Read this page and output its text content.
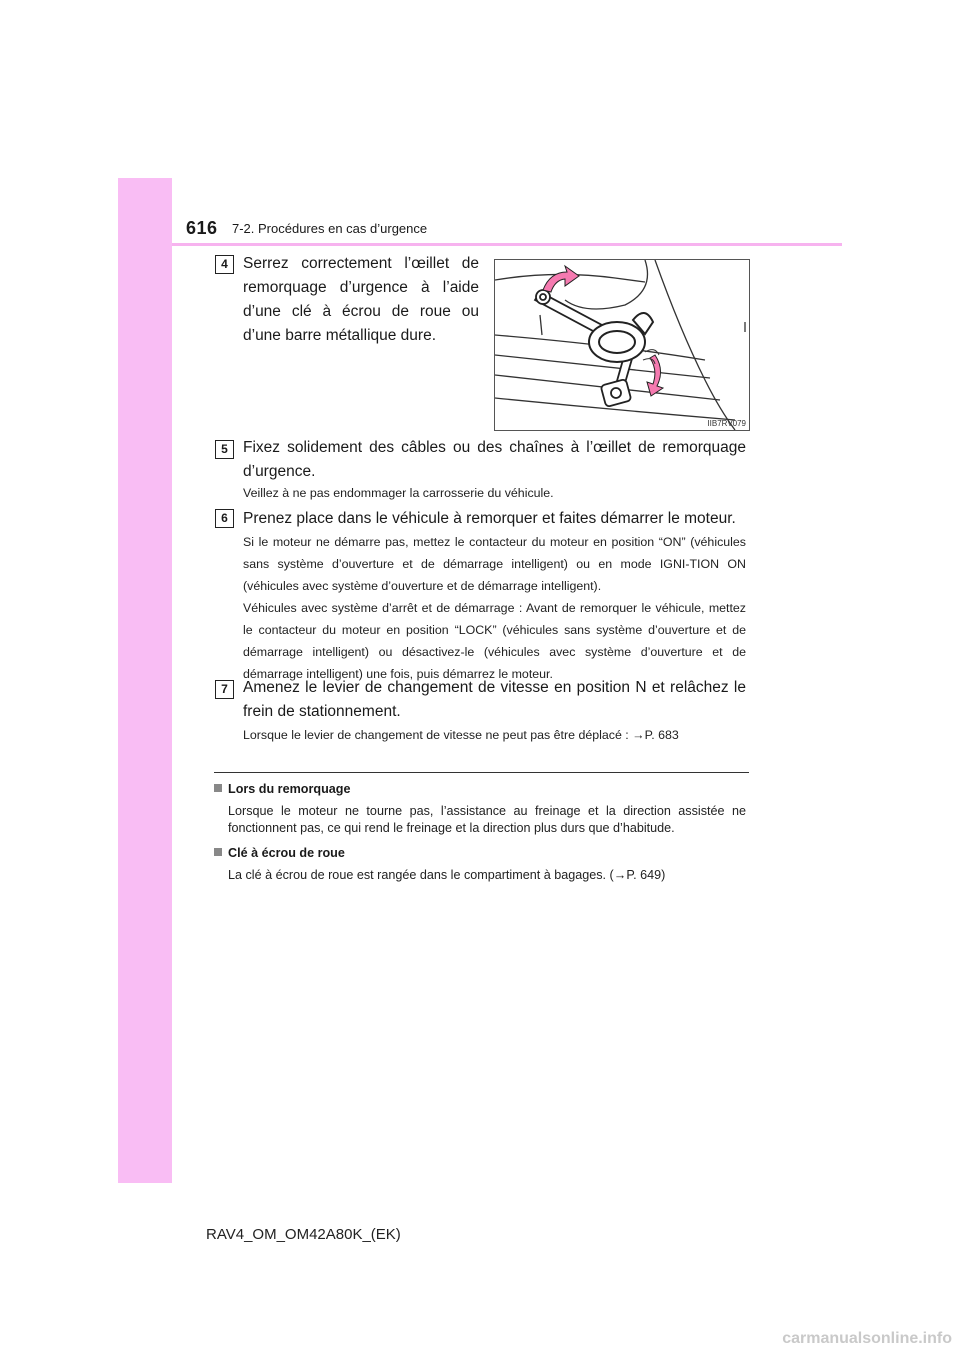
616 7-2. Procédures en cas d’urgence
4 Serrez correctement l’œillet de remorquage d’urgence à l’aide d’une clé à écrou de roue ou d’une barre métallique dure.
IIB7RV079
5 Fixez solidement des câbles ou des chaînes à l’œillet de remorquage d’urgence.
Veillez à ne pas endommager la carrosserie du véhicule.
6 Prenez place dans le véhicule à remorquer et faites démarrer le moteur.
Si le moteur ne démarre pas, mettez le contacteur du moteur en position “ON” (véhicules sans système d’ouverture et de démarrage intelligent) ou en mode IGNI-TION ON (véhicules avec système d’ouverture et de démarrage intelligent).
Véhicules avec système d’arrêt et de démarrage : Avant de remorquer le véhicule, mettez le contacteur du moteur en position “LOCK” (véhicules sans système d’ouverture et de démarrage intelligent) ou désactivez-le (véhicules avec système d’ouverture et de démarrage intelligent) une fois, puis démarrez le moteur.
7 Amenez le levier de changement de vitesse en position N et relâchez le frein de stationnement.
Lorsque le levier de changement de vitesse ne peut pas être déplacé : →P. 683
Lors du remorquage
Lorsque le moteur ne tourne pas, l’assistance au freinage et la direction assistée ne fonctionnent pas, ce qui rend le freinage et la direction plus durs que d’habitude.
Clé à écrou de roue
La clé à écrou de roue est rangée dans le compartiment à bagages. (→P. 649)
RAV4_OM_OM42A80K_(EK)
carmanualsonline.info
